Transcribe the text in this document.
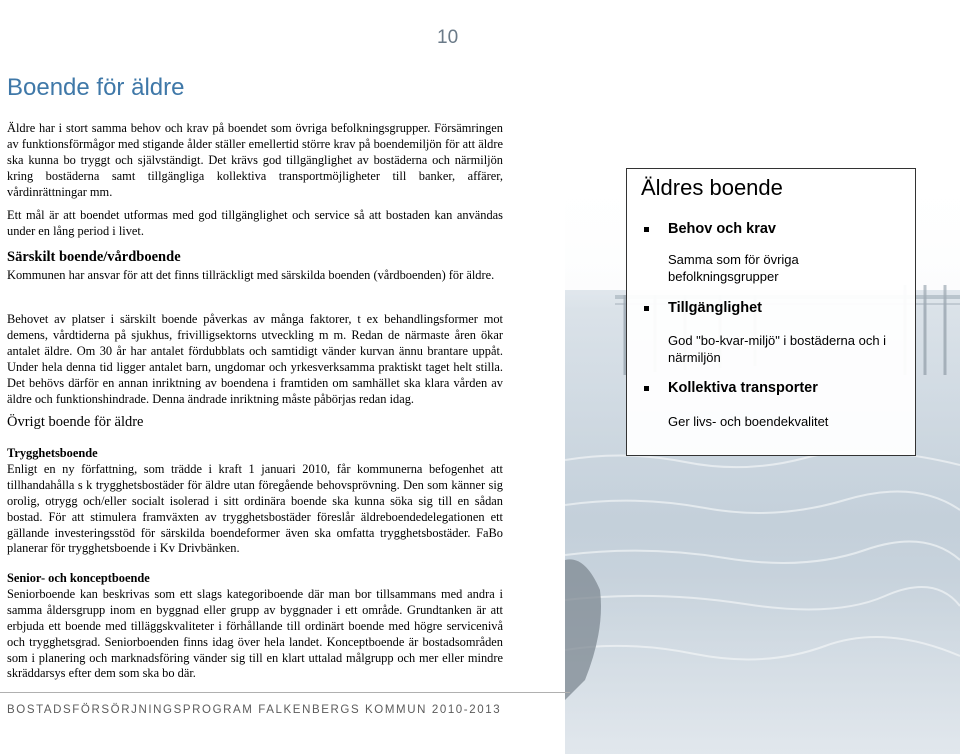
10
Boende för äldre

Äldre har i stort samma behov och krav på boendet som övriga befolkningsgrupper. Försämringen av funktionsförmågor med stigande ålder ställer emellertid större krav på boendemiljön för att äldre ska kunna bo tryggt och självständigt. Det krävs god tillgänglighet av bostäderna och närmiljön kring bostäderna samt tillgängliga kollektiva transportmöjligheter till banker, affärer, vårdinrättningar mm.

Ett mål är att boendet utformas med god tillgänglighet och service så att bostaden kan användas under en lång period i livet.

Särskilt boende/vårdboende

Kommunen har ansvar för att det finns tillräckligt med särskilda boenden (vårdboenden) för äldre.

Behovet av platser i särskilt boende påverkas av många faktorer, t ex behandlingsformer mot demens, vårdtiderna på sjukhus, frivilligsektorns utveckling m m. Redan de närmaste åren ökar antalet äldre. Om 30 år har antalet fördubblats och samtidigt vänder kurvan ännu brantare uppåt. Under hela denna tid ligger antalet barn, ungdomar och yrkesverksamma praktiskt taget helt stilla. Det behövs därför en annan inriktning av boendena i framtiden om samhället ska klara vården av äldre och funktionshindrade. Denna ändrade inriktning måste påbörjas redan idag.

Övrigt boende för äldre

Trygghetsboende

Enligt en ny författning, som trädde i kraft 1 januari 2010, får kommunerna befogenhet att tillhandahålla s k trygghetsbostäder för äldre utan föregående behovsprövning. Den som känner sig orolig, otrygg och/eller socialt isolerad i sitt ordinära boende ska kunna söka sig till en sådan bostad. För att stimulera framväxten av trygghetsbostäder föreslår äldreboendedelegationen ett gällande investeringsstöd för särskilda boendeformer även ska omfatta trygghetsbostäder. FaBo planerar för trygghetsboende i Kv Drivbänken.

Senior- och konceptboende

Seniorboende kan beskrivas som ett slags kategoriboende där man bor tillsammans med andra i samma åldersgrupp inom en byggnad eller grupp av byggnader i ett område. Grundtanken är att erbjuda ett boende med tilläggskvaliteter i förhållande till ordinärt boende med högre servicenivå och trygghetsgrad. Seniorboenden finns idag över hela landet. Konceptboende är bostadsområden som i planering och marknadsföring vänder sig till en klart uttalad målgrupp och mer eller mindre skräddarsys efter dem som ska bo där.

Äldres boende
Behov och krav
Samma som för övriga befolkningsgrupper
Tillgänglighet
God "bo-kvar-miljö" i bostäderna och i närmiljön
Kollektiva transporter
Ger livs- och boendekvalitet
BOSTADSFÖRSÖRJNINGSPROGRAM FALKENBERGS KOMMUN 2010-2013
